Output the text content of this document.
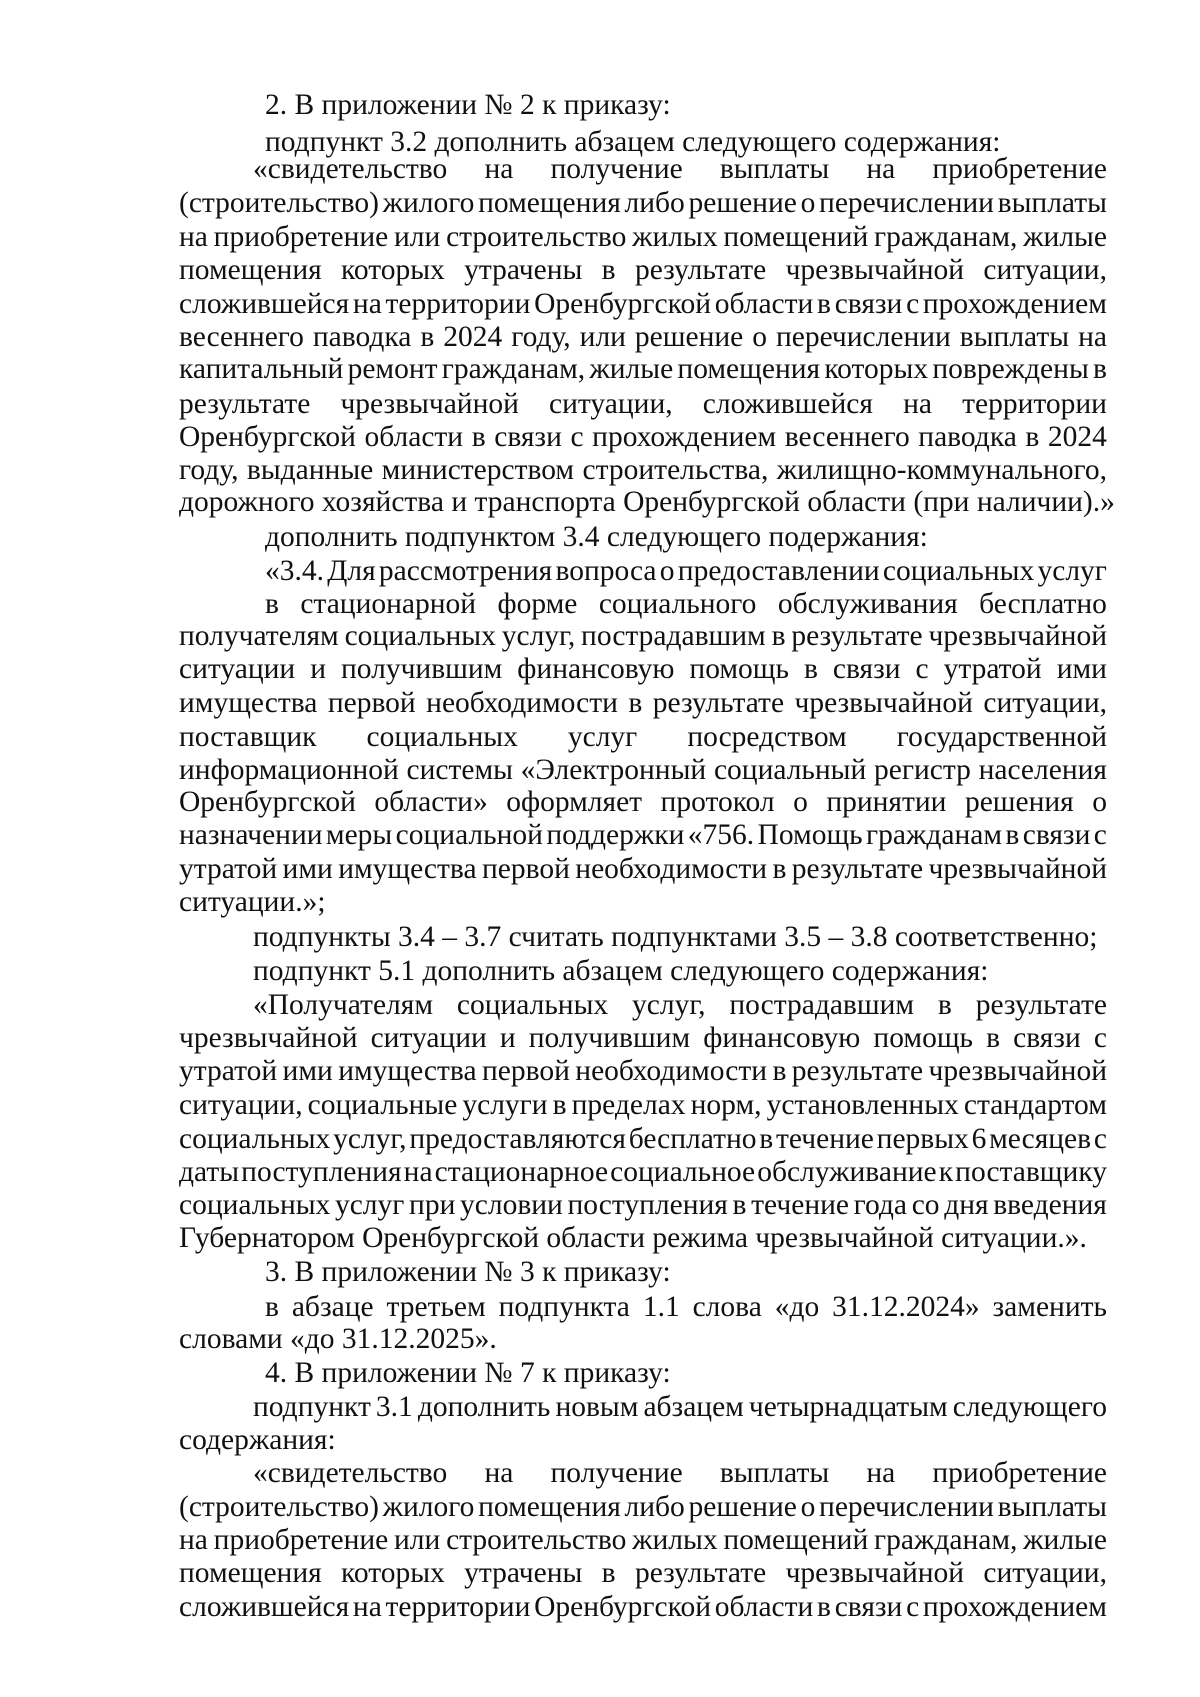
2. В приложении № 2 к приказу:
подпункт 3.2 дополнить абзацем следующего содержания:
«свидетельство на получение выплаты на приобретение
(строительство) жилого помещения либо решение о перечислении выплаты
на приобретение или строительство жилых помещений гражданам, жилые
помещения которых утрачены в результате чрезвычайной ситуации,
сложившейся на территории Оренбургской области в связи с прохождением
весеннего паводка в 2024 году, или решение о перечислении выплаты на
капитальный ремонт гражданам, жилые помещения которых повреждены в
результате чрезвычайной ситуации, сложившейся на территории
Оренбургской области в связи с прохождением весеннего паводка в 2024
году, выданные министерством строительства, жилищно-коммунального,
дорожного хозяйства и транспорта Оренбургской области (при наличии).»
дополнить подпунктом 3.4 следующего подержания:
«3.4. Для рассмотрения вопроса о предоставлении социальных услуг
в стационарной форме социального обслуживания бесплатно
получателям социальных услуг, пострадавшим в результате чрезвычайной
ситуации и получившим финансовую помощь в связи с утратой ими
имущества первой необходимости в результате чрезвычайной ситуации,
поставщик социальных услуг посредством государственной
информационной системы «Электронный социальный регистр населения
Оренбургской области» оформляет протокол о принятии решения о
назначении меры социальной поддержки «756. Помощь гражданам в связи с
утратой ими имущества первой необходимости в результате чрезвычайной
ситуации.»;
подпункты 3.4 – 3.7 считать подпунктами 3.5 – 3.8 соответственно;
подпункт 5.1 дополнить абзацем следующего содержания:
«Получателям социальных услуг, пострадавшим в результате
чрезвычайной ситуации и получившим финансовую помощь в связи с
утратой ими имущества первой необходимости в результате чрезвычайной
ситуации, социальные услуги в пределах норм, установленных стандартом
социальных услуг, предоставляются бесплатно в течение первых 6 месяцев с
даты поступления на стационарное социальное обслуживание к поставщику
социальных услуг при условии поступления в течение года со дня введения
Губернатором Оренбургской области режима чрезвычайной ситуации.».
3. В приложении № 3 к приказу:
в абзаце третьем подпункта 1.1 слова «до 31.12.2024» заменить
словами «до 31.12.2025».
4. В приложении № 7 к приказу:
подпункт 3.1 дополнить новым абзацем четырнадцатым следующего
содержания:
«свидетельство на получение выплаты на приобретение
(строительство) жилого помещения либо решение о перечислении выплаты
на приобретение или строительство жилых помещений гражданам, жилые
помещения которых утрачены в результате чрезвычайной ситуации,
сложившейся на территории Оренбургской области в связи с прохождением
